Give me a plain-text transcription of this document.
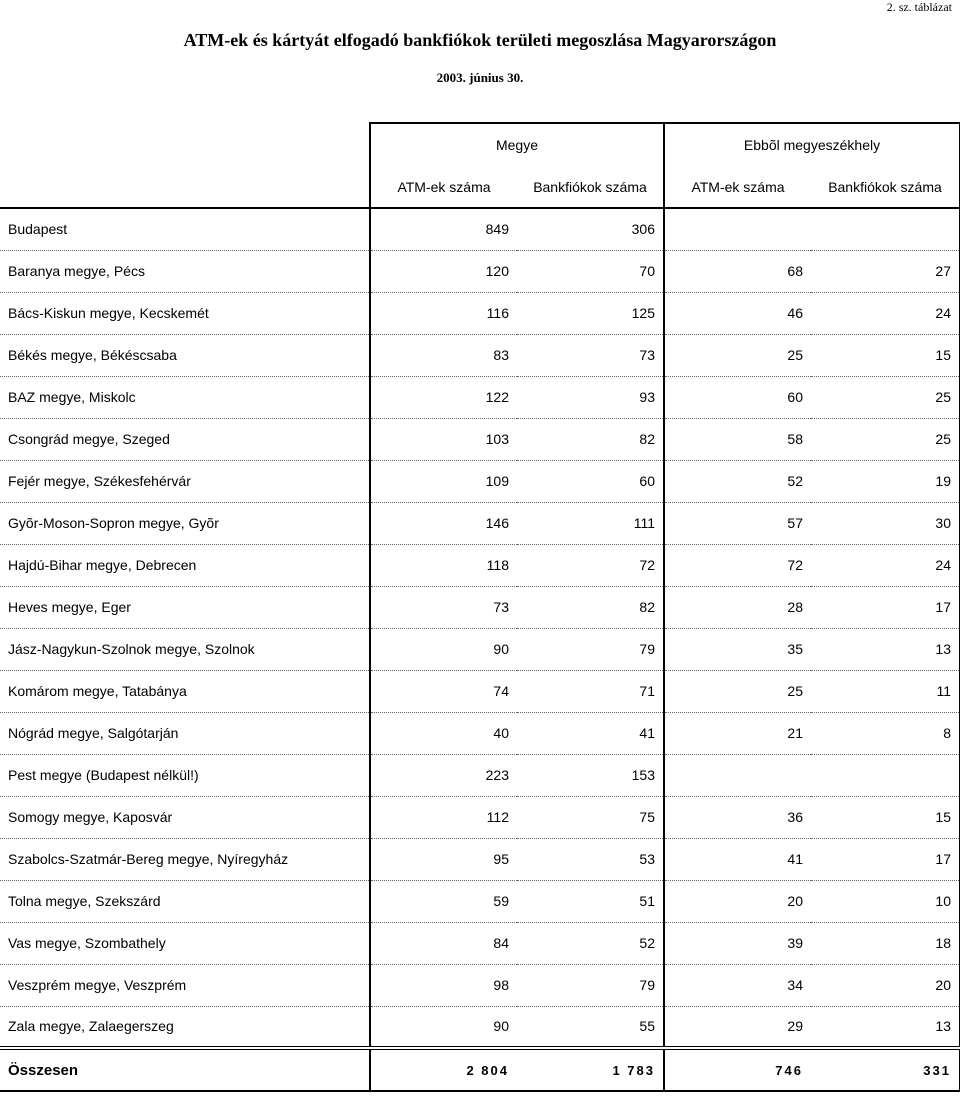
2. sz. táblázat
ATM-ek és kártyát elfogadó bankfiókok területi megoszlása Magyarországon
2003. június 30.
	Megye		Ebbõl megyeszékhely	
	ATM-ek száma	Bankfiókok száma	ATM-ek száma	Bankfiókok száma
Budapest	849	306		
Baranya megye, Pécs	120	70	68	27
Bács-Kiskun megye, Kecskemét	116	125	46	24
Békés megye, Békéscsaba	83	73	25	15
BAZ megye, Miskolc	122	93	60	25
Csongrád megye, Szeged	103	82	58	25
Fejér megye, Székesfehérvár	109	60	52	19
Gyõr-Moson-Sopron megye, Gyõr	146	111	57	30
Hajdú-Bihar megye, Debrecen	118	72	72	24
Heves megye, Eger	73	82	28	17
Jász-Nagykun-Szolnok megye, Szolnok	90	79	35	13
Komárom megye, Tatabánya	74	71	25	11
Nógrád megye, Salgótarján	40	41	21	8
Pest megye (Budapest nélkül!)	223	153		
Somogy megye, Kaposvár	112	75	36	15
Szabolcs-Szatmár-Bereg megye, Nyíregyház	95	53	41	17
Tolna megye, Szekszárd	59	51	20	10
Vas megye, Szombathely	84	52	39	18
Veszprém megye, Veszprém	98	79	34	20
Zala megye, Zalaegerszeg	90	55	29	13
Összesen	2 804	1 783	746	331
